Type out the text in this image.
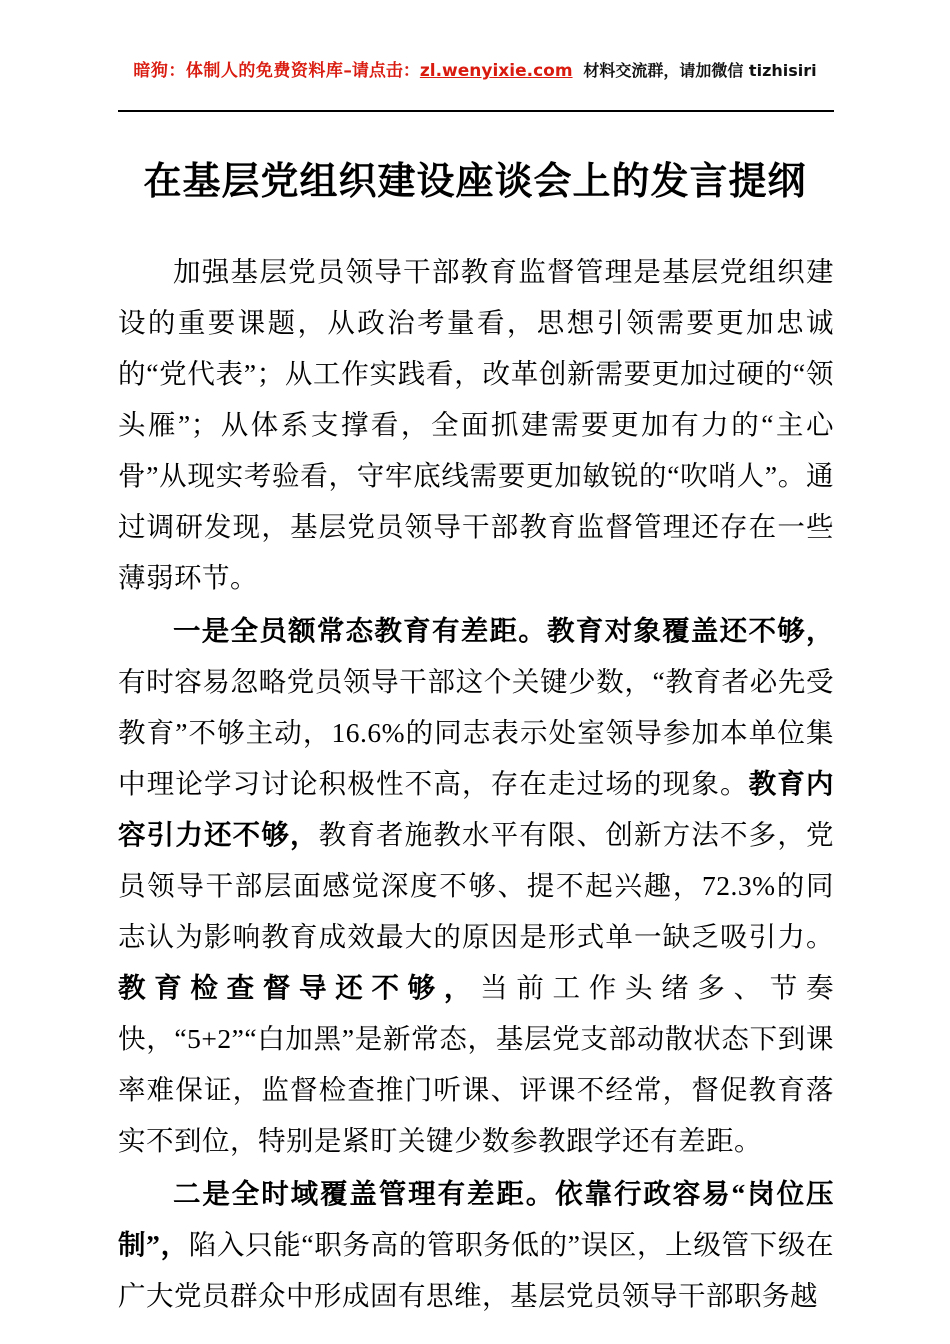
暗狗：体制人的免费资料库–请点击：zl.wenyixie.com 材料交流群，请加微信 tizhisiri
在基层党组织建设座谈会上的发言提纲

加强基层党员领导干部教育监督管理是基层党组织建设的重要课题，从政治考量看，思想引领需要更加忠诚的“党代表”；从工作实践看，改革创新需要更加过硬的“领头雁”；从体系支撑看，全面抓建需要更加有力的“主心骨”从现实考验看，守牢底线需要更加敏锐的“吹哨人”。通过调研发现，基层党员领导干部教育监督管理还存在一些薄弱环节。

一是全员额常态教育有差距。教育对象覆盖还不够，有时容易忽略党员领导干部这个关键少数，“教育者必先受教育”不够主动，16.6%的同志表示处室领导参加本单位集中理论学习讨论积极性不高，存在走过场的现象。教育内容引力还不够，教育者施教水平有限、创新方法不多，党员领导干部层面感觉深度不够、提不起兴趣，72.3%的同志认为影响教育成效最大的原因是形式单一缺乏吸引力。教育检查督导还不够，当前工作头绪多、节奏快，“5+2”“白加黑”是新常态，基层党支部动散状态下到课率难保证，监督检查推门听课、评课不经常，督促教育落实不到位，特别是紧盯关键少数参教跟学还有差距。

二是全时域覆盖管理有差距。依靠行政容易“岗位压制”，陷入只能“职务高的管职务低的”误区，上级管下级在广大党员群众中形成固有思维，基层党员领导干部职务越
